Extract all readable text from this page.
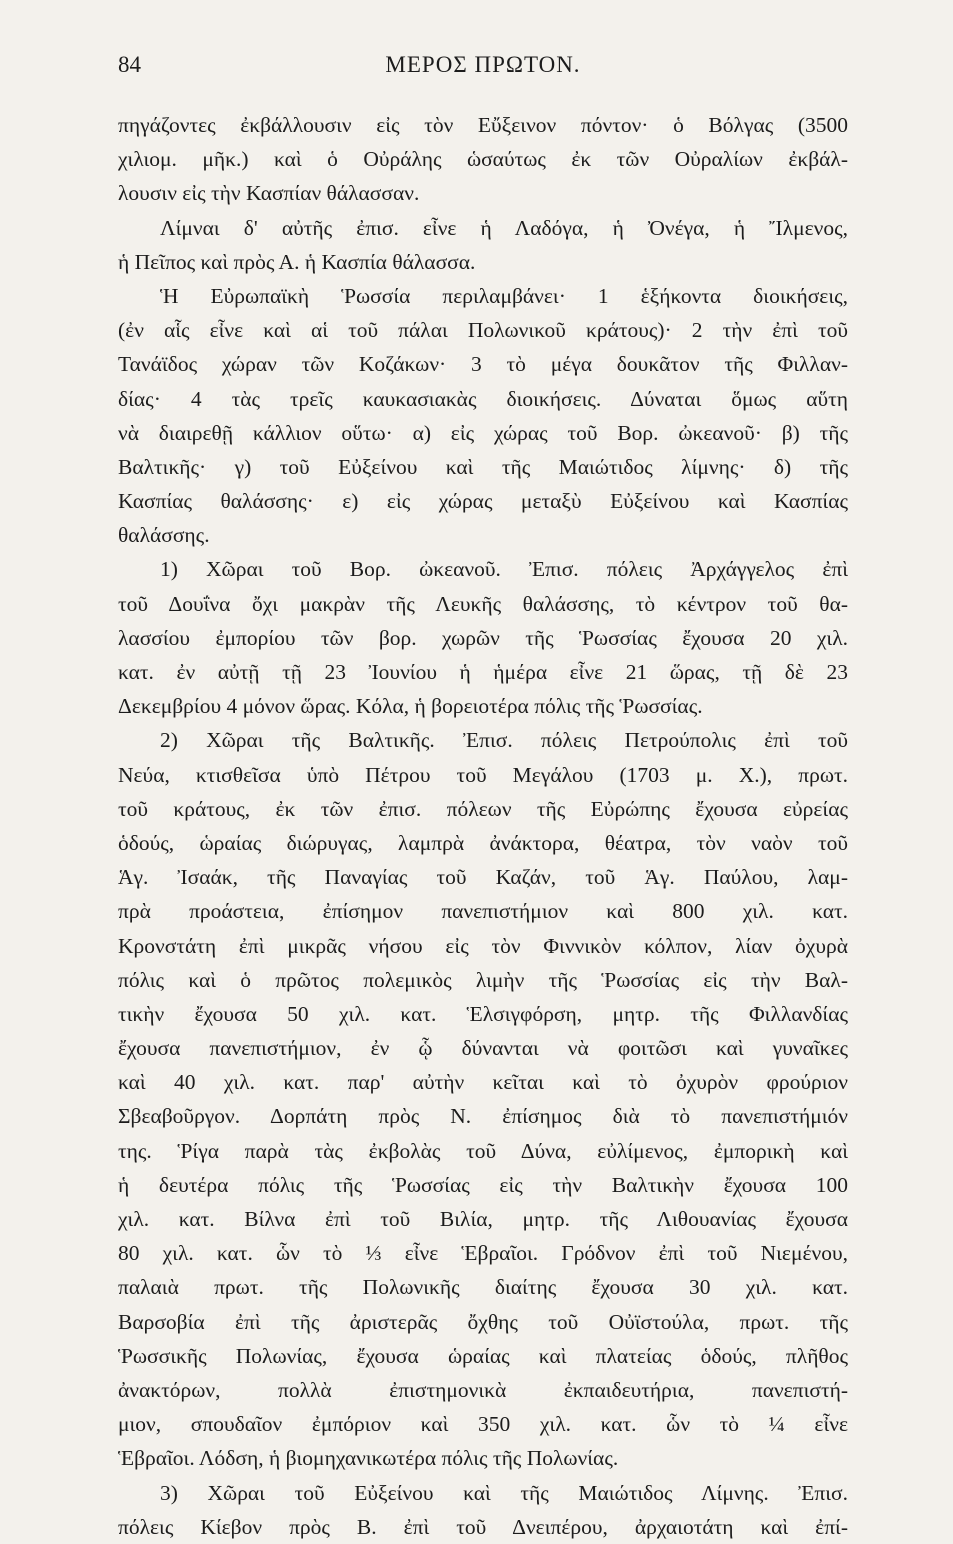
84	ΜΕΡΟΣ ΠΡΩΤΟΝ.
πηγάζοντες ἐκβάλλουσιν εἰς τὸν Εὔξεινον πόντον· ὁ Βόλγας (3500
χιλιομ. μῆκ.) καὶ ὁ Οὐράλης ὡσαύτως ἐκ τῶν Οὐραλίων ἐκβάλ-
λουσιν εἰς τὴν Κασπίαν θάλασσαν.
Λίμναι δ' αὐτῆς ἐπισ. εἶνε ἡ Λαδόγα, ἡ Ὀνέγα, ἡ Ἴλμενος,
ἡ Πεῖπος καὶ πρὸς Α. ἡ Κασπία θάλασσα.
Ἡ Εὐρωπαϊκὴ Ῥωσσία περιλαμβάνει· 1 ἑξήκοντα διοικήσεις,
(ἐν αἷς εἶνε καὶ αἱ τοῦ πάλαι Πολωνικοῦ κράτους)· 2 τὴν ἐπὶ τοῦ
Τανάϊδος χώραν τῶν Κοζάκων· 3 τὸ μέγα δουκᾶτον τῆς Φιλλαν-
δίας· 4 τὰς τρεῖς καυκασιακὰς διοικήσεις. Δύναται ὅμως αὕτη
νὰ διαιρεθῇ κάλλιον οὕτω· α) εἰς χώρας τοῦ Βορ. ὠκεανοῦ· β) τῆς
Βαλτικῆς· γ) τοῦ Εὐξείνου καὶ τῆς Μαιώτιδος λίμνης· δ) τῆς
Κασπίας θαλάσσης· ε) εἰς χώρας μεταξὺ Εὐξείνου καὶ Κασπίας
θαλάσσης.
1) Χῶραι τοῦ Βορ. ὠκεανοῦ. Ἐπισ. πόλεις Ἀρχάγγελος ἐπὶ
τοῦ Δουΐνα ὄχι μακρὰν τῆς Λευκῆς θαλάσσης, τὸ κέντρον τοῦ θα-
λασσίου ἐμπορίου τῶν βορ. χωρῶν τῆς Ῥωσσίας ἔχουσα 20 χιλ.
κατ. ἐν αὐτῇ τῇ 23 Ἰουνίου ἡ ἡμέρα εἶνε 21 ὥρας, τῇ δὲ 23
Δεκεμβρίου 4 μόνον ὥρας. Κόλα, ἡ βορειοτέρα πόλις τῆς Ῥωσσίας.
2) Χῶραι τῆς Βαλτικῆς. Ἐπισ. πόλεις Πετρούπολις ἐπὶ τοῦ
Νεύα, κτισθεῖσα ὑπὸ Πέτρου τοῦ Μεγάλου (1703 μ. Χ.), πρωτ.
τοῦ κράτους, ἐκ τῶν ἐπισ. πόλεων τῆς Εὐρώπης ἔχουσα εὐρείας
ὁδούς, ὡραίας διώρυγας, λαμπρὰ ἀνάκτορα, θέατρα, τὸν ναὸν τοῦ
Ἁγ. Ἰσαάκ, τῆς Παναγίας τοῦ Καζάν, τοῦ Ἁγ. Παύλου, λαμ-
πρὰ προάστεια, ἐπίσημον πανεπιστήμιον καὶ 800 χιλ. κατ.
Κρονστάτη ἐπὶ μικρᾶς νήσου εἰς τὸν Φιννικὸν κόλπον, λίαν ὀχυρὰ
πόλις καὶ ὁ πρῶτος πολεμικὸς λιμὴν τῆς Ῥωσσίας εἰς τὴν Βαλ-
τικὴν ἔχουσα 50 χιλ. κατ. Ἑλσιγφόρση, μητρ. τῆς Φιλλανδίας
ἔχουσα πανεπιστήμιον, ἐν ᾧ δύνανται νὰ φοιτῶσι καὶ γυναῖκες
καὶ 40 χιλ. κατ. παρ' αὐτὴν κεῖται καὶ τὸ ὀχυρὸν φρούριον
Σβεαβοῦργον. Δορπάτη πρὸς Ν. ἐπίσημος διὰ τὸ πανεπιστήμιόν
της. Ῥίγα παρὰ τὰς ἐκβολὰς τοῦ Δύνα, εὐλίμενος, ἐμπορικὴ καὶ
ἡ δευτέρα πόλις τῆς Ῥωσσίας εἰς τὴν Βαλτικὴν ἔχουσα 100
χιλ. κατ. Βίλνα ἐπὶ τοῦ Βιλία, μητρ. τῆς Λιθουανίας ἔχουσα
80 χιλ. κατ. ὧν τὸ ⅓ εἶνε Ἑβραῖοι. Γρόδνον ἐπὶ τοῦ Νιεμένου,
παλαιὰ πρωτ. τῆς Πολωνικῆς διαίτης ἔχουσα 30 χιλ. κατ.
Βαρσοβία ἐπὶ τῆς ἀριστερᾶς ὄχθης τοῦ Οὐϊστούλα, πρωτ. τῆς
Ῥωσσικῆς Πολωνίας, ἔχουσα ὡραίας καὶ πλατείας ὁδούς, πλῆθος
ἀνακτόρων, πολλὰ ἐπιστημονικὰ ἐκπαιδευτήρια, πανεπιστή-
μιον, σπουδαῖον ἐμπόριον καὶ 350 χιλ. κατ. ὧν τὸ ¼ εἶνε
Ἑβραῖοι. Λόδση, ἡ βιομηχανικωτέρα πόλις τῆς Πολωνίας.
3) Χῶραι τοῦ Εὐξείνου καὶ τῆς Μαιώτιδος Λίμνης. Ἐπισ.
πόλεις Κίεβον πρὸς Β. ἐπὶ τοῦ Δνειπέρου, ἀρχαιοτάτη καὶ ἐπί-
